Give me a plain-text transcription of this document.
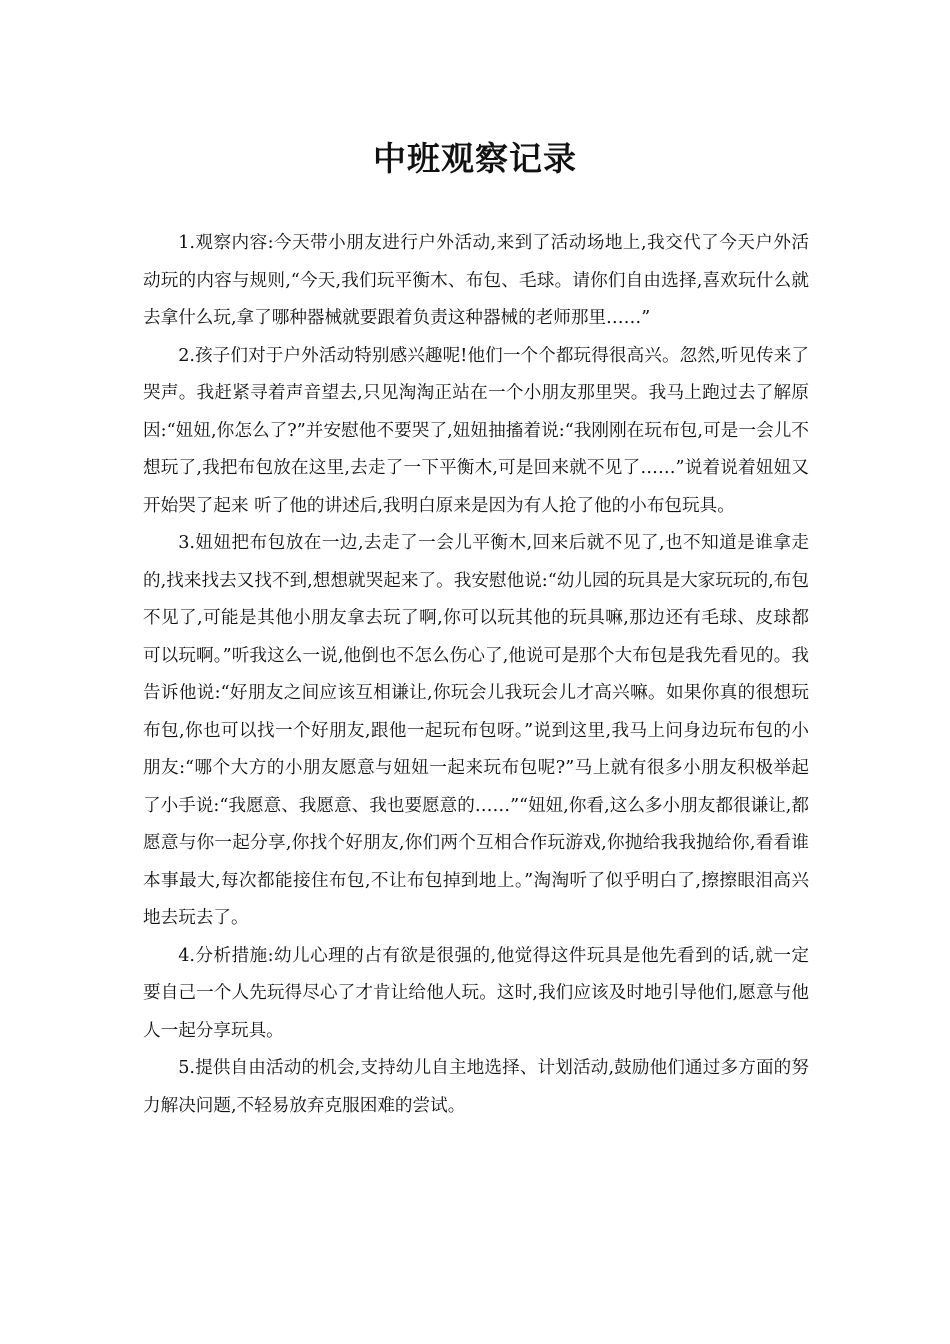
中班观察记录

1.观察内容:今天带小朋友进行户外活动,来到了活动场地上,我交代了今天户外活动玩的内容与规则,“今天,我们玩平衡木、布包、毛球。请你们自由选择,喜欢玩什么就去拿什么玩,拿了哪种器械就要跟着负责这种器械的老师那里……”

2.孩子们对于户外活动特别感兴趣呢!他们一个个都玩得很高兴。忽然,听见传来了哭声。我赶紧寻着声音望去,只见淘淘正站在一个小朋友那里哭。我马上跑过去了解原因:“妞妞,你怎么了?”并安慰他不要哭了,妞妞抽搐着说:“我刚刚在玩布包,可是一会儿不想玩了,我把布包放在这里,去走了一下平衡木,可是回来就不见了……”说着说着妞妞又开始哭了起来 听了他的讲述后,我明白原来是因为有人抢了他的小布包玩具。

3.妞妞把布包放在一边,去走了一会儿平衡木,回来后就不见了,也不知道是谁拿走的,找来找去又找不到,想想就哭起来了。我安慰他说:“幼儿园的玩具是大家玩玩的,布包不见了,可能是其他小朋友拿去玩了啊,你可以玩其他的玩具嘛,那边还有毛球、皮球都可以玩啊。”听我这么一说,他倒也不怎么伤心了,他说可是那个大布包是我先看见的。我告诉他说:“好朋友之间应该互相谦让,你玩会儿我玩会儿才高兴嘛。如果你真的很想玩布包,你也可以找一个好朋友,跟他一起玩布包呀。”说到这里,我马上问身边玩布包的小朋友:“哪个大方的小朋友愿意与妞妞一起来玩布包呢?”马上就有很多小朋友积极举起了小手说:“我愿意、我愿意、我也要愿意的……”“妞妞,你看,这么多小朋友都很谦让,都愿意与你一起分享,你找个好朋友,你们两个互相合作玩游戏,你抛给我我抛给你,看看谁本事最大,每次都能接住布包,不让布包掉到地上。”淘淘听了似乎明白了,擦擦眼泪高兴地去玩去了。

4.分析措施:幼儿心理的占有欲是很强的,他觉得这件玩具是他先看到的话,就一定要自己一个人先玩得尽心了才肯让给他人玩。这时,我们应该及时地引导他们,愿意与他人一起分享玩具。

5.提供自由活动的机会,支持幼儿自主地选择、计划活动,鼓励他们通过多方面的努力解决问题,不轻易放弃克服困难的尝试。
